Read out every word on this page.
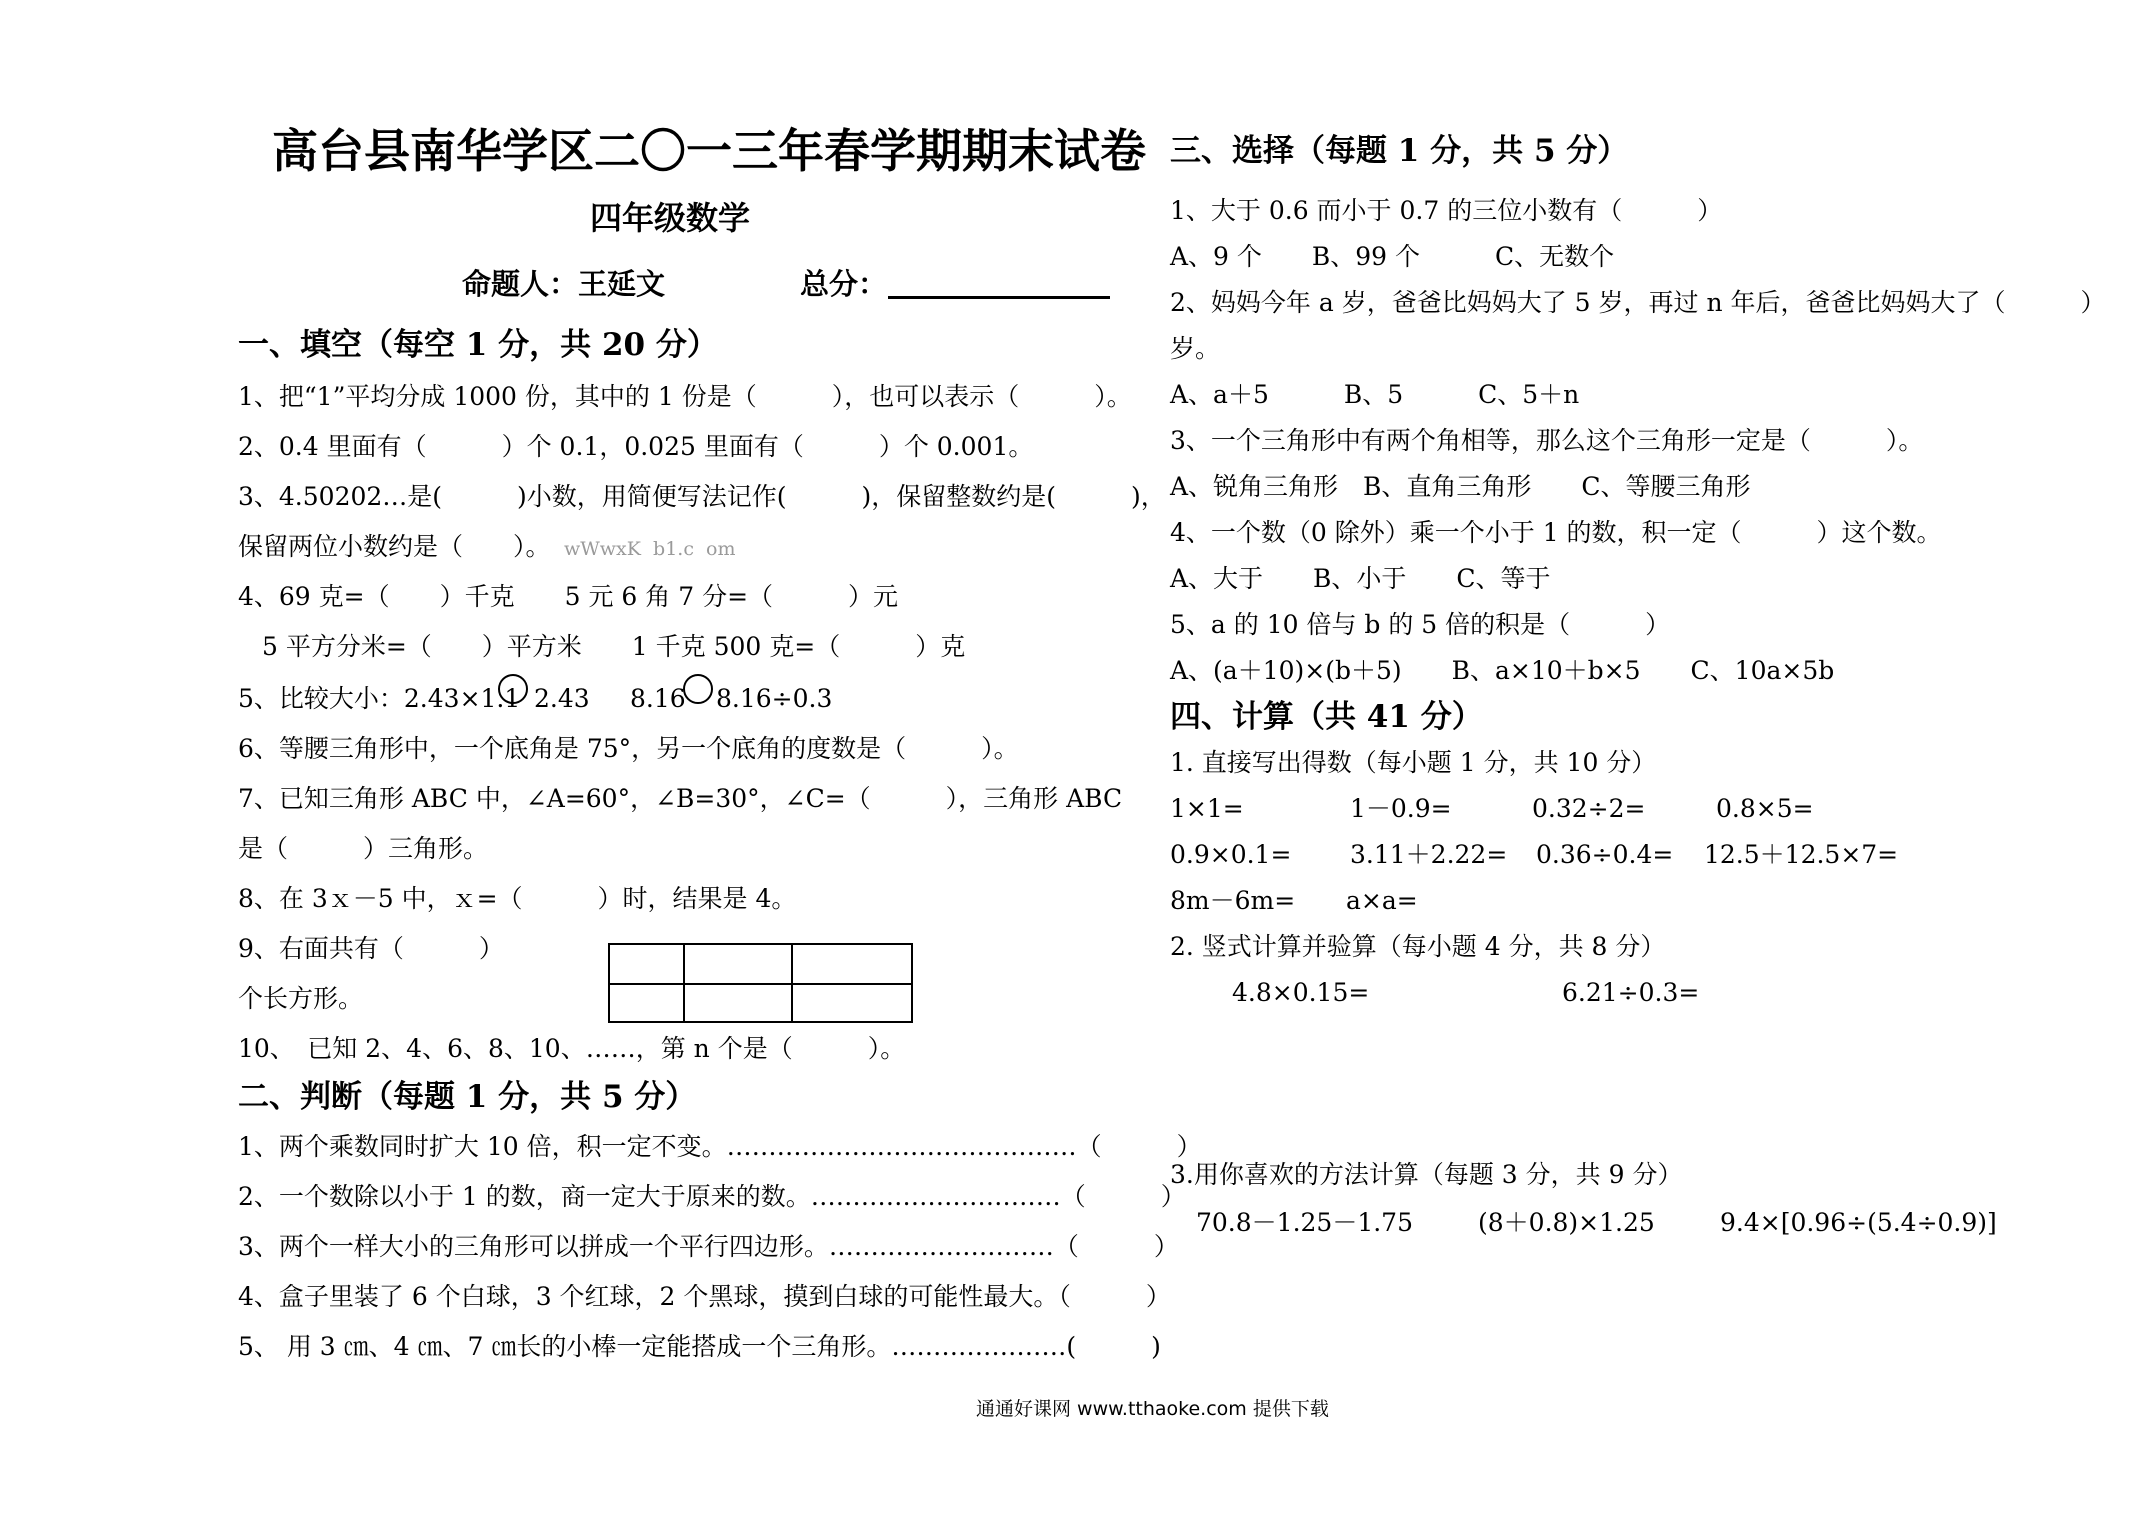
高台县南华学区二〇一三年春学期期末试卷
四年级数学
命题人：王延文	总分：
一、填空（每空 1 分，共 20 分）
1、把“1”平均分成 1000 份，其中的 1 份是（　　　），也可以表示（　　　）。
2、0.4 里面有（　　　）个 0.1，0.025 里面有（　　　）个 0.001。
3、4.50202…是(　　　)小数，用简便写法记作(　　　)，保留整数约是(　　　)，
保留两位小数约是（　　）。 wWwxK  b1.c  om
4、69 克=（　　）千克　　5 元 6 角 7 分=（　　　）元
5 平方分米=（　　）平方米　　1 千克 500 克=（　　　）克
5、比较大小：2.43×1.1 2.43 8.16 8.16÷0.3
6、等腰三角形中，一个底角是 75°，另一个底角的度数是（　　　）。
7、已知三角形 ABC 中，∠A=60°，∠B=30°，∠C=（　　　），三角形 ABC
是（　　　）三角形。
8、在 3ｘ－5 中，ｘ=（　　　）时，结果是 4。
9、右面共有（　　　）
个长方形。
10、　已知 2、4、6、8、10、……，第 n 个是（　　　）。
二、判断（每题 1 分，共 5 分）
1、两个乘数同时扩大 10 倍，积一定不变。……………………………………（　　　）
2、一个数除以小于 1 的数，商一定大于原来的数。…………………………（　　　）
3、两个一样大小的三角形可以拼成一个平行四边形。………………………（　　　）
4、盒子里装了 6 个白球，3 个红球，2 个黑球，摸到白球的可能性最大。（　　　）
5、 用 3 ㎝、4 ㎝、7 ㎝长的小棒一定能搭成一个三角形。…………………(　　　)
三、选择（每题 1 分，共 5 分）
1、大于 0.6 而小于 0.7 的三位小数有（　　　）
A、9 个　　B、99 个　　　C、无数个
2、妈妈今年 a 岁，爸爸比妈妈大了 5 岁，再过 n 年后，爸爸比妈妈大了（　　　）
岁。
A、a＋5　　　B、5　　　C、5＋n
3、一个三角形中有两个角相等，那么这个三角形一定是（　　　）。
A、锐角三角形　B、直角三角形　　C、等腰三角形
4、一个数（0 除外）乘一个小于 1 的数，积一定（　　　）这个数。
A、大于　　B、小于　　C、等于
5、a 的 10 倍与 b 的 5 倍的积是（　　　）
A、(a＋10)×(b＋5)　　B、a×10＋b×5　　C、10a×5b
四、计算（共 41 分）
1. 直接写出得数（每小题 1 分，共 10 分）
1×1=	1－0.9=	0.32÷2=	0.8×5=
0.9×0.1= 3.11＋2.22= 0.36÷0.4= 12.5＋12.5×7=
8m－6m= a×a=
2. 竖式计算并验算（每小题 4 分，共 8 分）
4.8×0.15=	6.21÷0.3=
3.用你喜欢的方法计算（每题 3 分，共 9 分）
70.8－1.25－1.75	(8＋0.8)×1.25	9.4×[0.96÷(5.4÷0.9)]
通通好课网 www.tthaoke.com 提供下载
